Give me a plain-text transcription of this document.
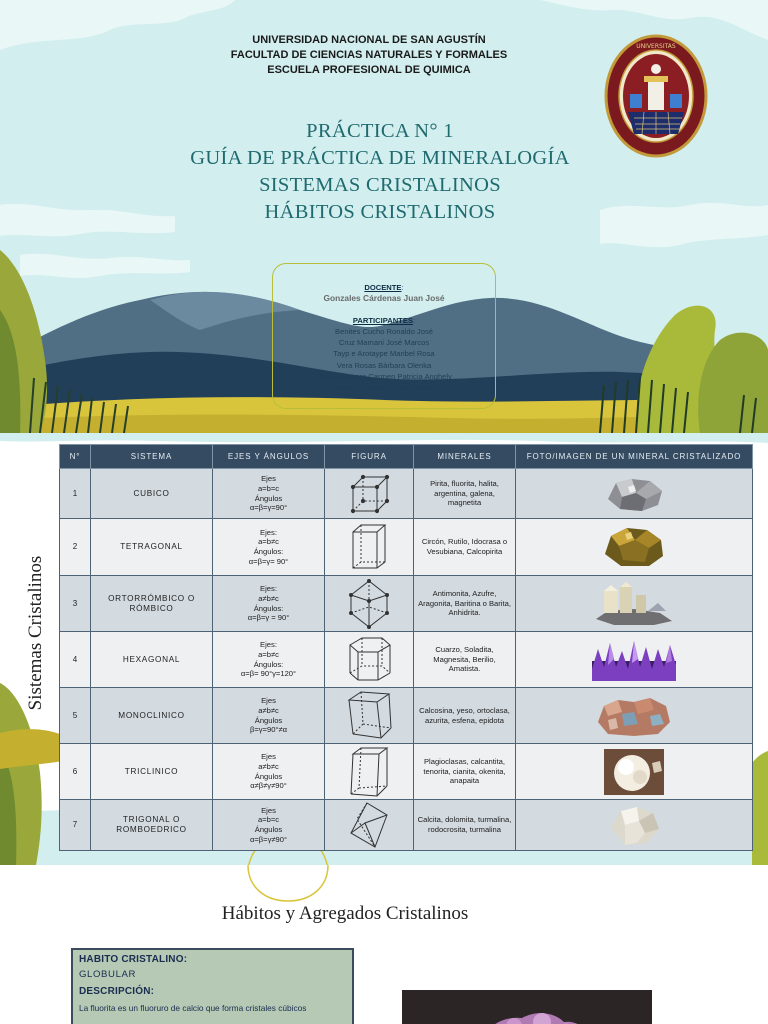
UNIVERSIDAD NACIONAL DE SAN AGUSTÍN
FACULTAD DE CIENCIAS NATURALES Y FORMALES
ESCUELA PROFESIONAL DE QUIMICA
PRÁCTICA N° 1
GUÍA DE PRÁCTICA DE MINERALOGÍA
SISTEMAS CRISTALINOS
HÁBITOS CRISTALINOS
UNIVERSITAS
DOCENTE:
Gonzales Cárdenas Juan José
PARTICIPANTES:
Benites Cucho Ronaldo José
Cruz Mamani José Marcos
Tayp e Arotaype Maribel Rosa
Vera Rosas Bárbara Olenka
Vilca Mojonero Carmen Patricia Anghely
Zenteno Miranda Keitli Sarayen
Sistemas Cristalinos
N°	SISTEMA	EJES Y ÁNGULOS	FIGURA	MINERALES	FOTO/IMAGEN DE UN MINERAL CRISTALIZADO
1	CUBICO	Ejes
a=b=c
Ángulos
α=β=γ=90°		Pirita, fluorita, halita, argentina, galena, magnetita	

2	TETRAGONAL	Ejes:
a=b≠c
Ángulos:
α=β=γ= 90°		Circón, Rutilo, Idocrasa o Vesubiana, Calcopirita	

3	ORTORRÓMBICO O RÓMBICO	Ejes:
a≠b≠c
Ángulos:
α=β=γ = 90°		Antimonita, Azufre, Aragonita, Baritina o Barita, Anhidrita.	

4	HEXAGONAL	Ejes:
a=b≠c
Ángulos:
α=β= 90°γ=120°		Cuarzo, Soladita, Magnesita, Berilio, Amatista.	

5	MONOCLINICO	Ejes
a≠b≠c
Ángulos
β=γ=90°≠α		Calcosina, yeso, ortoclasa, azurita, esfena, epidota	

6	TRICLINICO	Ejes
a≠b≠c
Ángulos
α≠β≠γ≠90°		Plagioclasas, calcantita, tenorita, cianita, okenita, anapaita	

7	TRIGONAL O ROMBOEDRICO	Ejes
a=b=c
Ángulos
α=β=γ≠90°		Calcita, dolomita, turmalina, rodocrosita, turmalina	
Hábitos y Agregados Cristalinos
HABITO CRISTALINO:
GLOBULAR
DESCRIPCIÓN:
La fluorita es un fluoruro de calcio que forma cristales cúbicos
